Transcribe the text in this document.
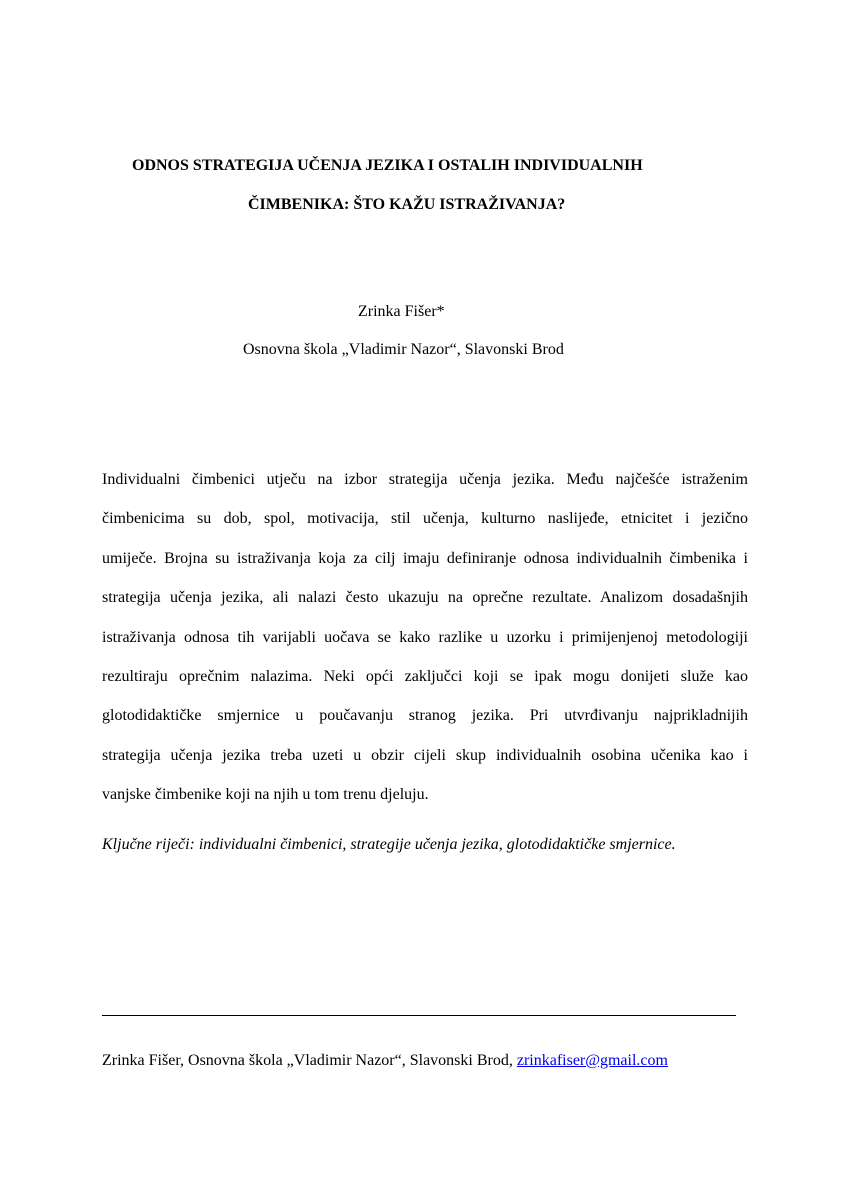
ODNOS STRATEGIJA UČENJA JEZIKA I OSTALIH INDIVIDUALNIH
ČIMBENIKA: ŠTO KAŽU ISTRAŽIVANJA?
Zrinka Fišer*
Osnovna škola „Vladimir Nazor“, Slavonski Brod
Individualni čimbenici utječu na izbor strategija učenja jezika. Među najčešće istraženim
čimbenicima su dob, spol, motivacija, stil učenja, kulturno naslijeđe, etnicitet i jezično
umiječe. Brojna su istraživanja koja za cilj imaju definiranje odnosa individualnih čimbenika i
strategija učenja jezika, ali nalazi često ukazuju na oprečne rezultate. Analizom dosadašnjih
istraživanja odnosa tih varijabli uočava se kako razlike u uzorku i primijenjenoj metodologiji
rezultiraju oprečnim nalazima. Neki opći zaključci koji se ipak mogu donijeti služe kao
glotodidaktičke smjernice u poučavanju stranog jezika. Pri utvrđivanju najprikladnijih
strategija učenja jezika treba uzeti u obzir cijeli skup individualnih osobina učenika kao i
vanjske čimbenike koji na njih u tom trenu djeluju.
Ključne riječi: individualni čimbenici, strategije učenja jezika, glotodidaktičke smjernice.
Zrinka Fišer, Osnovna škola „Vladimir Nazor“, Slavonski Brod, zrinkafiser@gmail.com
